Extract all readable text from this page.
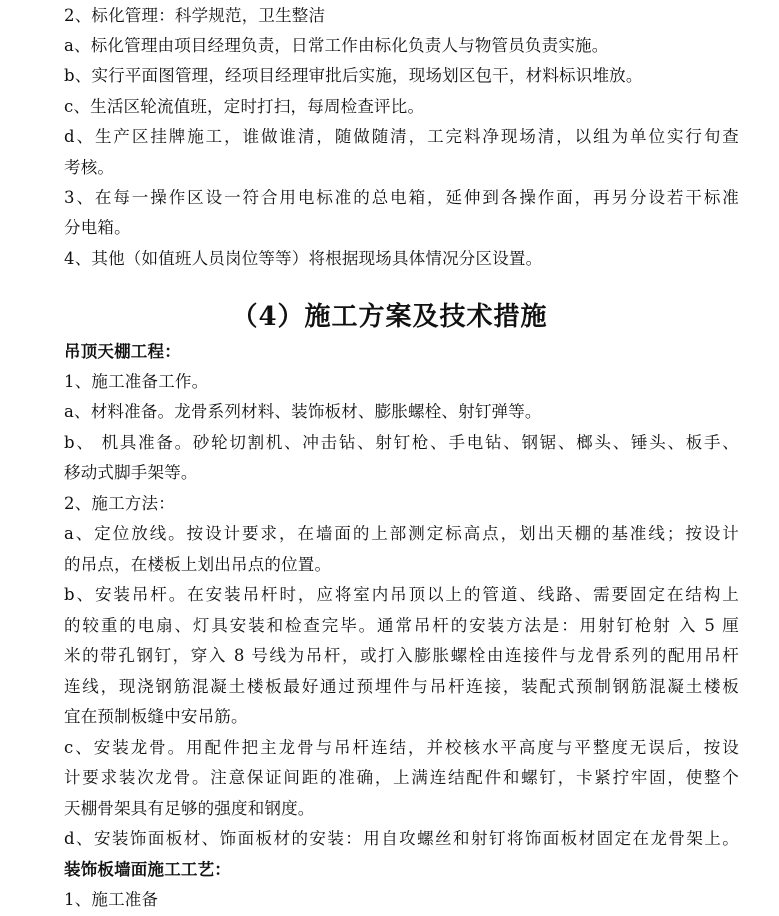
2、标化管理：科学规范，卫生整洁
a、标化管理由项目经理负责，日常工作由标化负责人与物管员负责实施。
b、实行平面图管理，经项目经理审批后实施，现场划区包干，材料标识堆放。
c、生活区轮流值班，定时打扫，每周检查评比。
d、生产区挂牌施工，谁做谁清，随做随清，工完料净现场清，以组为单位实行旬查
考核。
3、在每一操作区设一符合用电标准的总电箱，延伸到各操作面，再另分设若干标准
分电箱。
4、其他（如值班人员岗位等等）将根据现场具体情况分区设置。
（4）施工方案及技术措施
吊顶天棚工程：
1、施工准备工作。
a、材料准备。龙骨系列材料、装饰板材、膨胀螺栓、射钉弹等。
b、 机具准备。砂轮切割机、冲击钻、射钉枪、手电钻、钢锯、榔头、锤头、板手、
移动式脚手架等。
2、施工方法：
a、定位放线。按设计要求，在墙面的上部测定标高点，划出天棚的基准线；按设计
的吊点，在楼板上划出吊点的位置。
b、安装吊杆。在安装吊杆时，应将室内吊顶以上的管道、线路、需要固定在结构上
的较重的电扇、灯具安装和检查完毕。通常吊杆的安装方法是：用射钉枪射 入 5 厘
米的带孔钢钉，穿入 8 号线为吊杆，或打入膨胀螺栓由连接件与龙骨系列的配用吊杆
连线，现浇钢筋混凝土楼板最好通过预埋件与吊杆连接，装配式预制钢筋混凝土楼板
宜在预制板缝中安吊筋。
c、安装龙骨。用配件把主龙骨与吊杆连结，并校核水平高度与平整度无误后，按设
计要求装次龙骨。注意保证间距的准确，上满连结配件和螺钉，卡紧拧牢固，使整个
天棚骨架具有足够的强度和钢度。
d、安装饰面板材、饰面板材的安装：用自攻螺丝和射钉将饰面板材固定在龙骨架上。
装饰板墙面施工工艺：
1、施工准备
